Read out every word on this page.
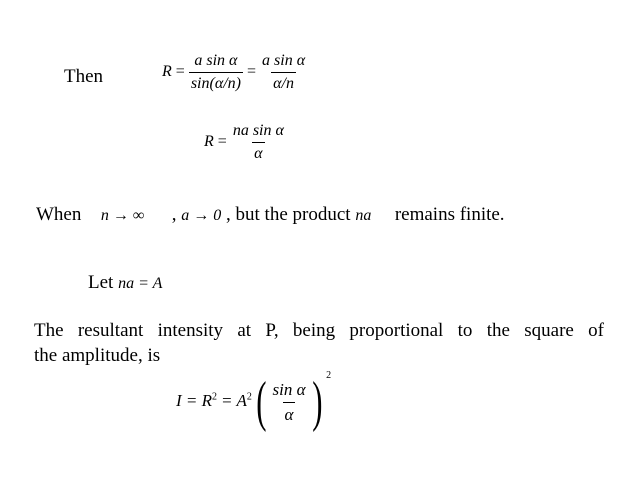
Then	$R = \frac{\text{a sin α}}{\sin(\alpha/n)} = \frac{\text{a sin α}}{\alpha/n}$
$R = \frac{\text{na sin α}}{\alpha}$
When n → ∞ , a → 0 , but the product na remains finite.
Let na = A
The resultant intensity at P, being proportional to the square of
the amplitude, is
$I = R^2 = A^2( \frac{\text{sin α}}{\alpha}$ ) $^2$
